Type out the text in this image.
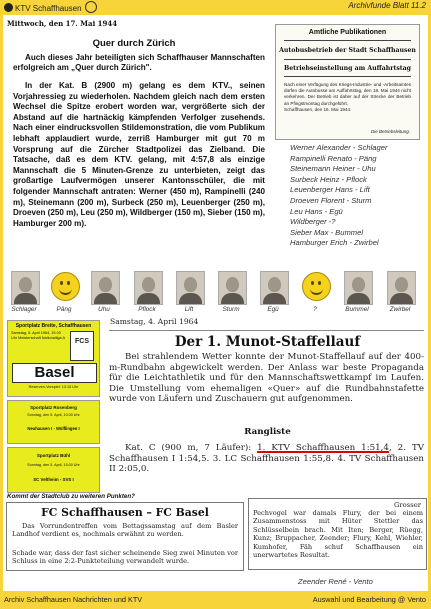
KTV Schaffhausen	Archivfunde Blatt 11.2
Mittwoch, den 17. Mai 1944
Quer durch Zürich

Auch dieses Jahr beteiligten sich Schaffhauser Mannschaften erfolgreich am „Quer durch Zürich".

In der Kat. B (2900 m) gelang es dem KTV., seinen Vorjahressieg zu wiederholen. Nachdem gleich nach dem ersten Wechsel die Spitze erobert worden war, vergrößerte sich der Abstand auf die hartnäckig kämpfenden Verfolger zusehends. Nach einer eindrucksvollen Stildemonstration, die vom Publikum lebhaft applaudiert wurde, zerriß Hamburger mit gut 70 m Vorsprung auf die Zürcher Stadtpolizei das Zielband. Die Tatsache, daß es dem KTV. gelang, mit 4:57,8 als einzige Mannschaft die 5 Minuten-Grenze zu unterbieten, zeigt das großartige Laufvermögen unserer Kantonsschüler, die mit folgender Mannschaft antraten: Werner (450 m), Rampinelli (240 m), Steinemann (200 m), Surbeck (250 m), Leuenberger (250 m), Droeven (250 m), Leu (250 m), Wildberger (150 m), Sieber (150 m), Hamburger 200 m).

Amtliche Publikationen
Autobusbetrieb der Stadt Schaffhausen
Betriebseinstellung am Auffahrtstag

Nach einer Verfügung des Kriegs-Industrie- und -Arbeitsamtes dürfen die Autobusse am Auffahrtstag, den 18. Mai 1944 nicht verkehren. Der Betrieb ist daher auf der Strecke der Betrieb an Pfingstmontag durchgeführt.
Schaffhausen, den 16. Mai 1944.

Die Betriebsleitung.
Werner Alexander - Schlager
Rampinelli Renato - Päng
Steinemann Heiner - Uhu
Surbeck Heinz - Pflock
Leuenberger Hans - Lift
Droeven Florent - Sturm
Leu Hans - Egü
Wildberger -?
Sieber Max - Bummel
Hamburger Erich - Zwirbel
Schlager	Päng	Uhu	Pflock	Lift	Sturm	Egü	?	Bummel	Zwirbel
Sportplatz Breite, Schaffhausen
Samstag, 5. April 1964, 15.00 Uhr Meisterschaft Nationalliga A
FCS
Basel
Reserven-Vorspiel: 13.15 Uhr
Sportplatz Rosenberg
Sonntag, den 5. April, 10.00 Uhr
Neuhausen I - Wülflingen I
Sportplatz Bühl
Sonntag, den 5. April, 15.00 Uhr
SC Veltheim - SVS I
Samstag, 4. April 1964
Der 1. Munot-Staffellauf

Bei strahlendem Wetter konnte der Munot-Staffellauf auf der 400-m-Rundbahn abgewickelt werden. Der Anlass war beste Propaganda für die Leichtathletik und für den Mannschaftswettkampf im Laufen. Die Umstellung vom ehemaligen «Quer» auf die Rundbahnstafette wurde von Läufern und Zuschauern gut aufgenommen.

Rangliste

Kat. C (900 m, 7 Läufer): 1. KTV Schaffhausen 1:51,4, 2. TV Schaffhausen I 1:54,5. 3. LC Schaffhausen 1:55,8. 4. TV Schaffhausen II 2:05,0.

Kommt der Stadtclub zu weiteren Punkten?
FC Schaffhausen – FC Basel

Das Vorrundentreffen vom Bettagssamstag auf dem Basler Landhof verdient es, nochmals erwähnt zu werden.

Schade war, dass der fast sicher scheinende Sieg zwei Minuten vor Schluss in eine 2:2-Punkteteilung verwandelt wurde.

Grosser

Pechvogel war damals Flury, der bei einem Zusammenstoss mit Hüter Stettler das Schlüsselbein brach. Mit Iten; Berger, Rüegg, Kunz; Bruppacher, Zeender; Flury, Kehl, Wiehler, Kumhofer, Fäh schuf Schaffhausen ein unerwartetes Resultat.

Zeender René - Vento
Archiv Schaffhausen Nachrichten und KTV	Auswahl und Bearbeitung @ Vento
